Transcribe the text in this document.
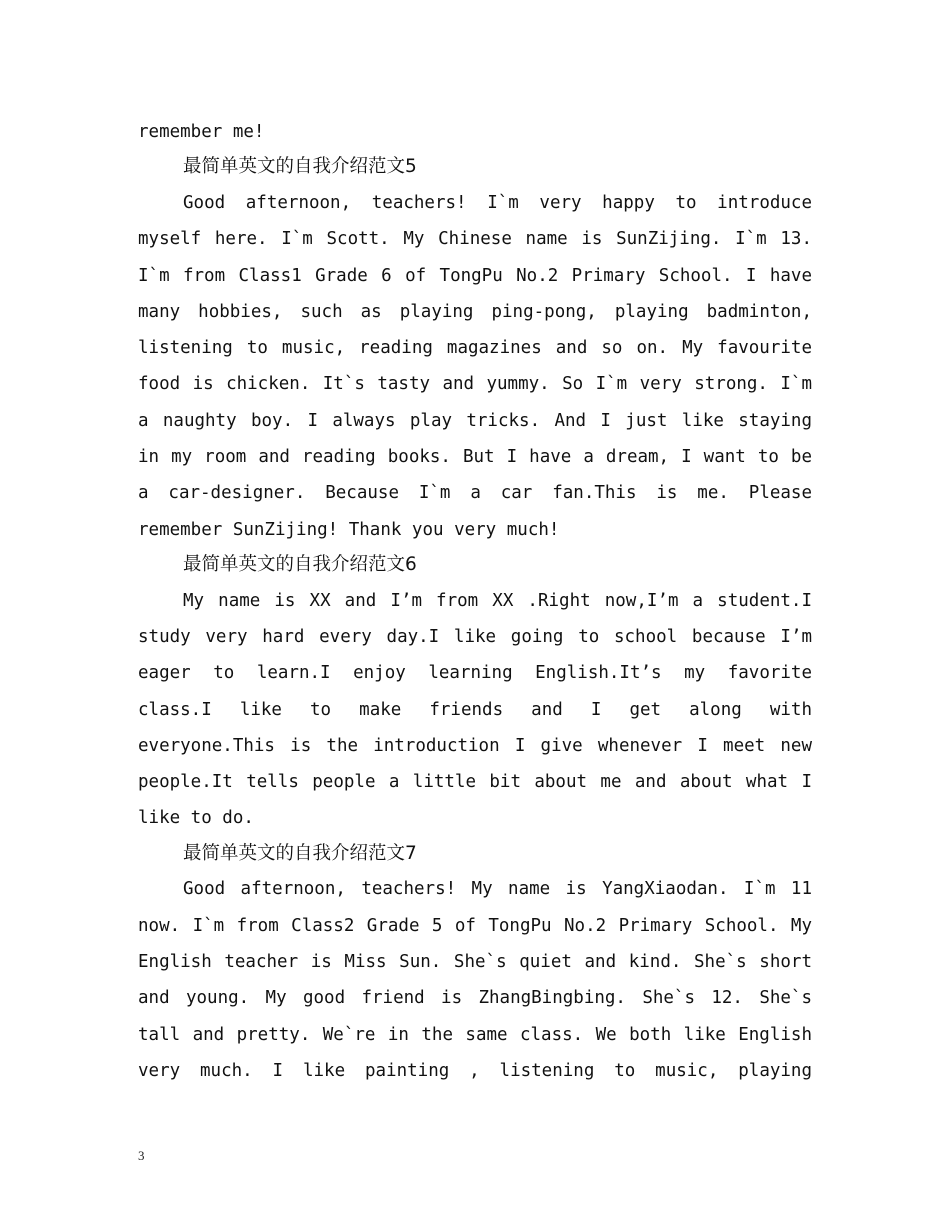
remember me!
最简单英文的自我介绍范文5
Good afternoon, teachers! I`m very happy to introduce
myself here. I`m Scott. My Chinese name is SunZijing. I`m 13.
I`m from Class1 Grade 6 of TongPu No.2 Primary School. I have
many hobbies, such as playing ping-pong, playing badminton,
listening to music, reading magazines and so on. My favourite
food is chicken. It`s tasty and yummy. So I`m very strong. I`m
a naughty boy. I always play tricks. And I just like staying
in my room and reading books. But I have a dream, I want to be
a car-designer. Because I`m a car fan.This is me. Please
remember SunZijing! Thank you very much!
最简单英文的自我介绍范文6
My name is XX and I’m from XX .Right now,I’m a student.I
study very hard every day.I like going to school because I’m
eager to learn.I enjoy learning English.It’s my favorite
class.I like to make friends and I get along with
everyone.This is the introduction I give whenever I meet new
people.It tells people a little bit about me and about what I
like to do.
最简单英文的自我介绍范文7
Good afternoon, teachers! My name is YangXiaodan. I`m 11
now. I`m from Class2 Grade 5 of TongPu No.2 Primary School. My
English teacher is Miss Sun. She`s quiet and kind. She`s short
and young. My good friend is ZhangBingbing. She`s 12. She`s
tall and pretty. We`re in the same class. We both like English
very much. I like painting , listening to music, playing
3
